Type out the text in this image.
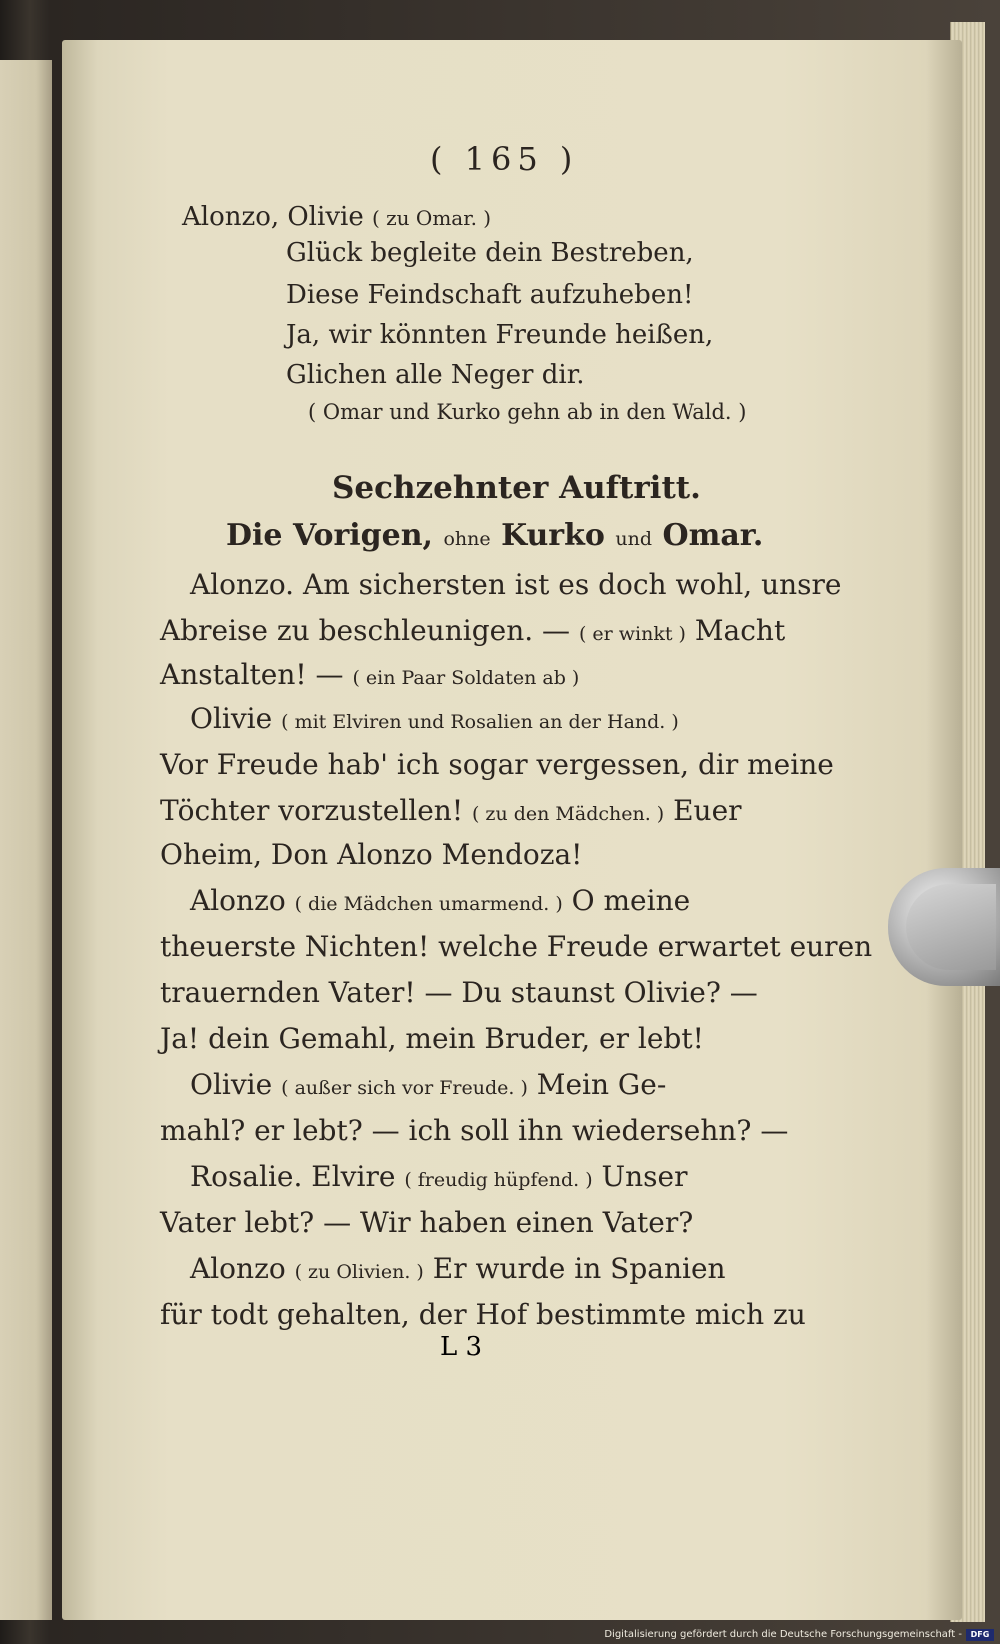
( 165 )
Alonzo, Olivie ( zu Omar. )
Glück begleite dein Bestreben,
Diese Feindschaft aufzuheben!
Ja, wir könnten Freunde heißen,
Glichen alle Neger dir.
( Omar und Kurko gehn ab in den Wald. )
Sechzehnter Auftritt.
Die Vorigen, ohne Kurko und Omar.
Alonzo. Am sichersten ist es doch wohl, unsre
Abreise zu beschleunigen. — ( er winkt ) Macht
Anstalten! — ( ein Paar Soldaten ab )
Olivie ( mit Elviren und Rosalien an der Hand. )
Vor Freude hab' ich sogar vergessen, dir meine
Töchter vorzustellen! ( zu den Mädchen. ) Euer
Oheim, Don Alonzo Mendoza!
Alonzo ( die Mädchen umarmend. ) O meine
theuerste Nichten! welche Freude erwartet euren
trauernden Vater! — Du staunst Olivie? —
Ja! dein Gemahl, mein Bruder, er lebt!
Olivie ( außer sich vor Freude. ) Mein Ge-
mahl? er lebt? — ich soll ihn wiedersehn? —
Rosalie. Elvire ( freudig hüpfend. ) Unser
Vater lebt? — Wir haben einen Vater?
Alonzo ( zu Olivien. ) Er wurde in Spanien
für todt gehalten, der Hof bestimmte mich zu
L 3
Digitalisierung gefördert durch die Deutsche Forschungsgemeinschaft -	DFG
